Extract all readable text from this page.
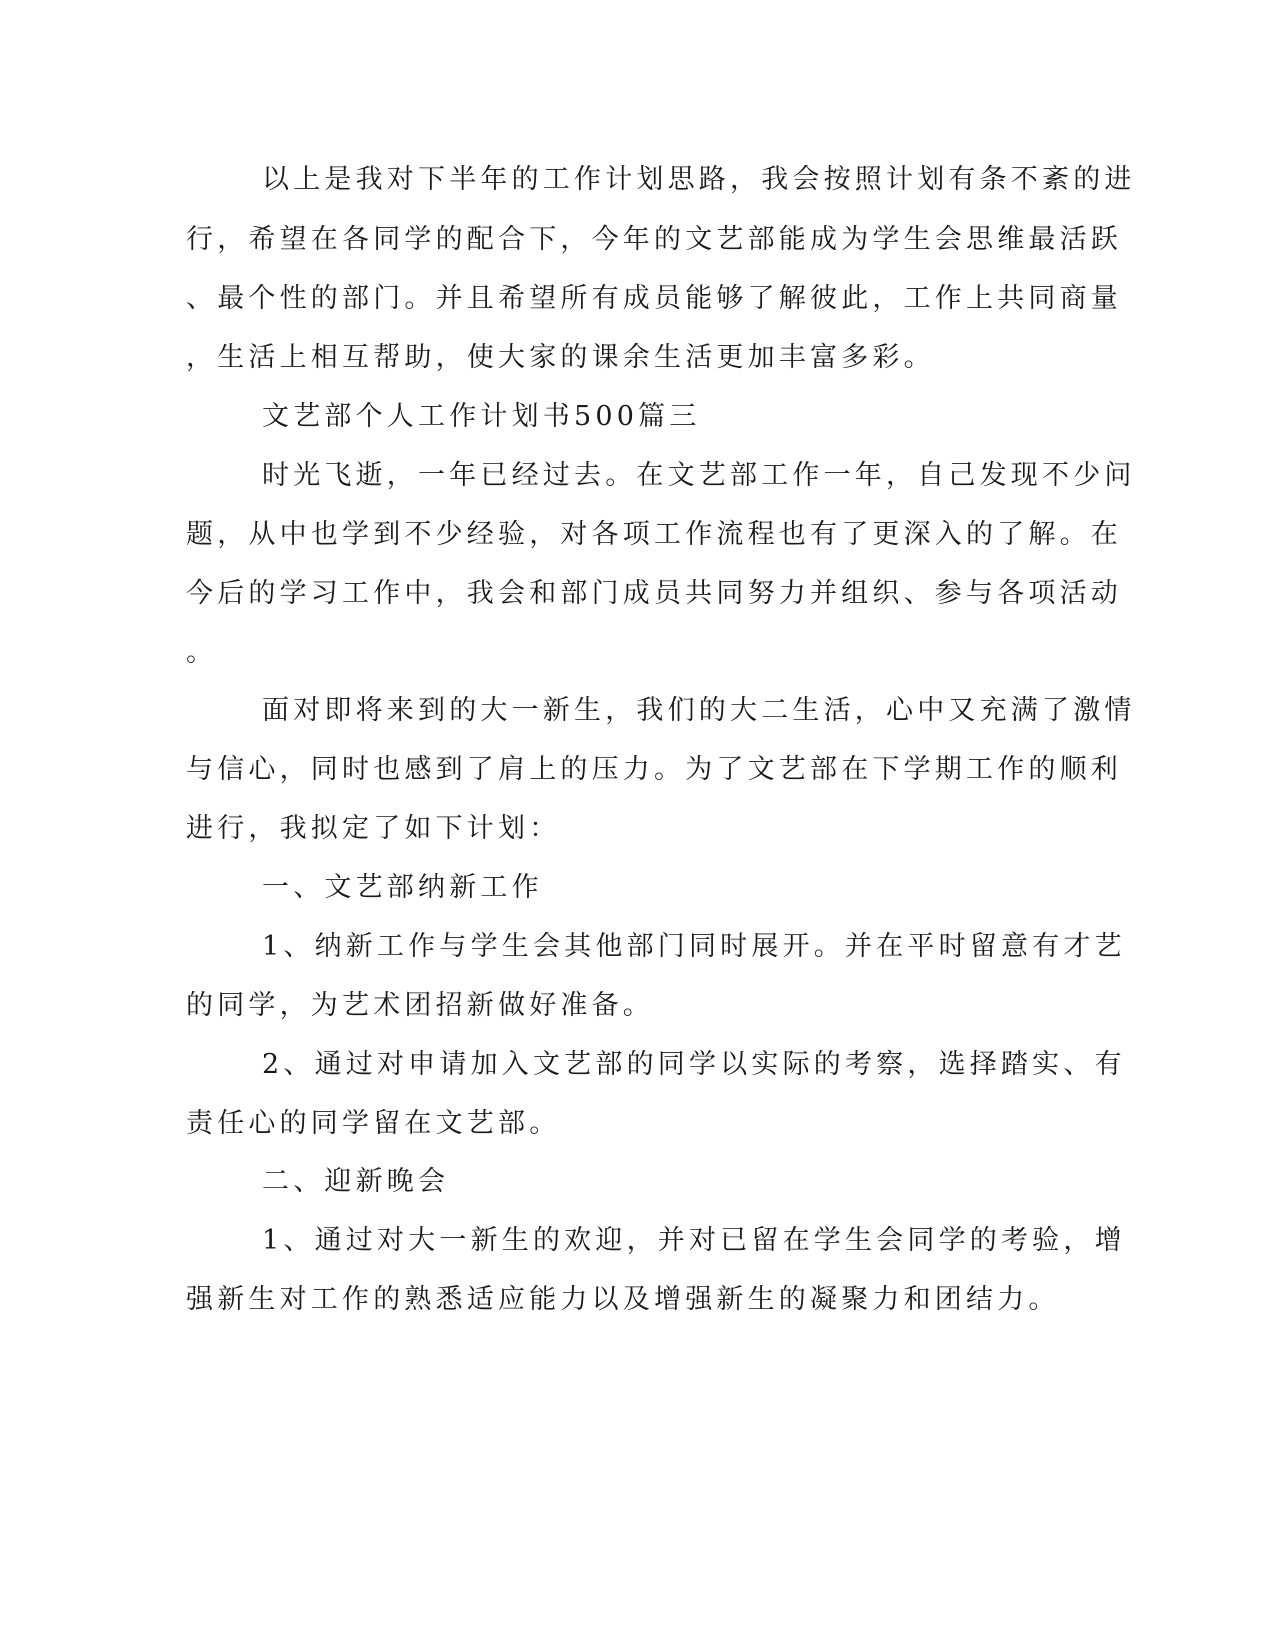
以上是我对下半年的工作计划思路，我会按照计划有条不紊的进
行，希望在各同学的配合下，今年的文艺部能成为学生会思维最活跃
、最个性的部门。并且希望所有成员能够了解彼此，工作上共同商量
，生活上相互帮助，使大家的课余生活更加丰富多彩。
文艺部个人工作计划书500篇三
时光飞逝，一年已经过去。在文艺部工作一年，自己发现不少问
题，从中也学到不少经验，对各项工作流程也有了更深入的了解。在
今后的学习工作中，我会和部门成员共同努力并组织、参与各项活动
。
面对即将来到的大一新生，我们的大二生活，心中又充满了激情
与信心，同时也感到了肩上的压力。为了文艺部在下学期工作的顺利
进行，我拟定了如下计划：
一、文艺部纳新工作
1、纳新工作与学生会其他部门同时展开。并在平时留意有才艺
的同学，为艺术团招新做好准备。
2、通过对申请加入文艺部的同学以实际的考察，选择踏实、有
责任心的同学留在文艺部。
二、迎新晚会
1、通过对大一新生的欢迎，并对已留在学生会同学的考验，增
强新生对工作的熟悉适应能力以及增强新生的凝聚力和团结力。
